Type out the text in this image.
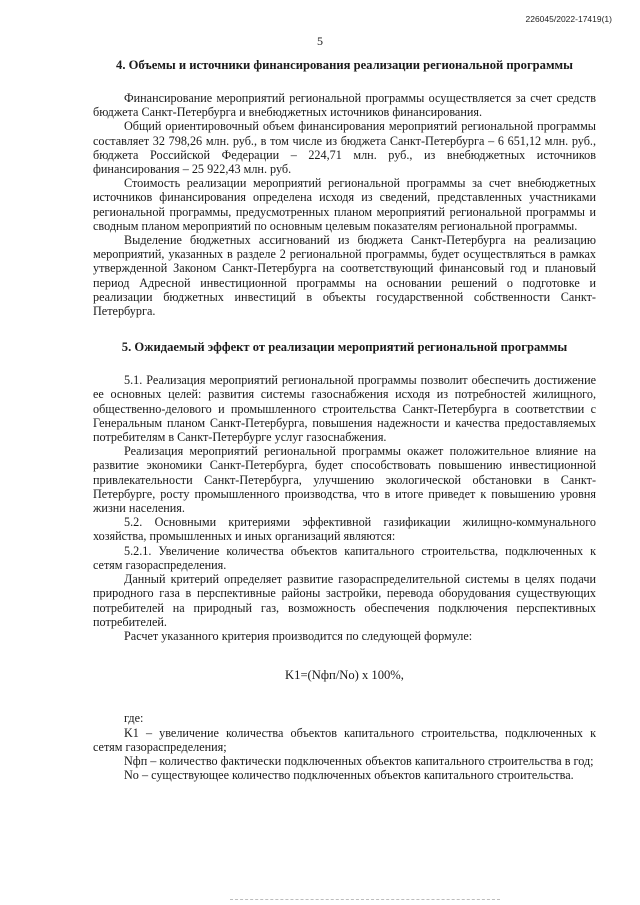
226045/2022-17419(1)
5
4. Объемы и источники финансирования реализации региональной программы

Финансирование мероприятий региональной программы осуществляется за счет средств бюджета Санкт-Петербурга и внебюджетных источников финансирования.

Общий ориентировочный объем финансирования мероприятий региональной программы составляет 32 798,26 млн. руб., в том числе из бюджета Санкт-Петербурга – 6 651,12 млн. руб., бюджета Российской Федерации – 224,71 млн. руб., из внебюджетных источников финансирования – 25 922,43 млн. руб.

Стоимость реализации мероприятий региональной программы за счет внебюджетных источников финансирования определена исходя из сведений, представленных участниками региональной программы, предусмотренных планом мероприятий региональной программы и сводным планом мероприятий по основным целевым показателям региональной программы.

Выделение бюджетных ассигнований из бюджета Санкт-Петербурга на реализацию мероприятий, указанных в разделе 2 региональной программы, будет осуществляться в рамках утвержденной Законом Санкт-Петербурга на соответствующий финансовый год и плановый период Адресной инвестиционной программы на основании решений о подготовке и реализации бюджетных инвестиций в объекты государственной собственности Санкт-Петербурга.

5. Ожидаемый эффект от реализации мероприятий региональной программы

5.1. Реализация мероприятий региональной программы позволит обеспечить достижение ее основных целей: развития системы газоснабжения исходя из потребностей жилищного, общественно-делового и промышленного строительства Санкт-Петербурга в соответствии с Генеральным планом Санкт-Петербурга, повышения надежности и качества предоставляемых потребителям в Санкт-Петербурге услуг газоснабжения.

Реализация мероприятий региональной программы окажет положительное влияние на развитие экономики Санкт-Петербурга, будет способствовать повышению инвестиционной привлекательности Санкт-Петербурга, улучшению экологической обстановки в Санкт-Петербурге, росту промышленного производства, что в итоге приведет к повышению уровня жизни населения.

5.2. Основными критериями эффективной газификации жилищно-коммунального хозяйства, промышленных и иных организаций являются:

5.2.1. Увеличение количества объектов капитального строительства, подключенных к сетям газораспределения.

Данный критерий определяет развитие газораспределительной системы в целях подачи природного газа в перспективные районы застройки, перевода оборудования существующих потребителей на природный газ, возможность обеспечения подключения перспективных потребителей.

Расчет указанного критерия производится по следующей формуле:

K1=(Nфп/No) x 100%,

где:

K1 – увеличение количества объектов капитального строительства, подключенных к сетям газораспределения;

Nфп – количество фактически подключенных объектов капитального строительства в год;

No – существующее количество подключенных объектов капитального строительства.
